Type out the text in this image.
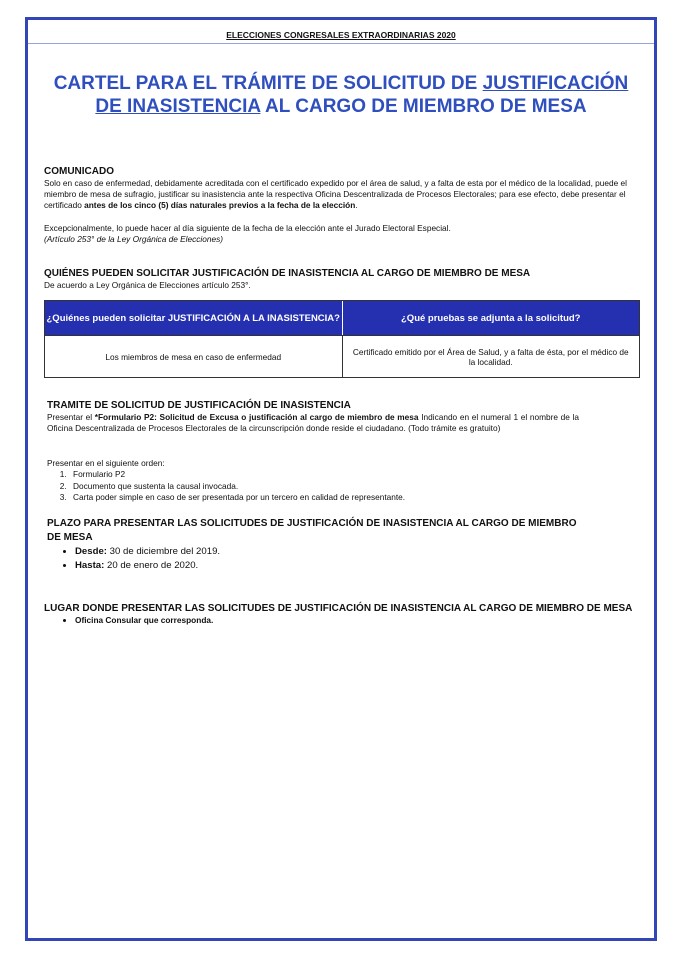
ELECCIONES CONGRESALES EXTRAORDINARIAS 2020
CARTEL PARA EL TRÁMITE DE SOLICITUD DE JUSTIFICACIÓN DE INASISTENCIA AL CARGO DE MIEMBRO DE MESA
COMUNICADO
Solo en caso de enfermedad, debidamente acreditada con el certificado expedido por el área de salud, y a falta de esta por el médico de la localidad, puede el miembro de mesa de sufragio, justificar su inasistencia ante la respectiva Oficina Descentralizada de Procesos Electorales; para ese efecto, debe presentar el certificado antes de los cinco (5) días naturales previos a la fecha de la elección.
Excepcionalmente, lo puede hacer al día siguiente de la fecha de la elección ante el Jurado Electoral Especial.
(Artículo 253° de la Ley Orgánica de Elecciones)
QUIÉNES PUEDEN SOLICITAR JUSTIFICACIÓN DE INASISTENCIA AL CARGO DE MIEMBRO DE MESA
De acuerdo a Ley Orgánica de Elecciones artículo 253°.
¿Quiénes pueden solicitar JUSTIFICACIÓN A LA INASISTENCIA?	¿Qué pruebas se adjunta a la solicitud?
Los miembros de mesa en caso de enfermedad	Certificado emitido por el Área de Salud, y a falta de ésta, por el médico de la localidad.
TRAMITE DE SOLICITUD DE JUSTIFICACIÓN DE INASISTENCIA
Presentar el *Formulario P2: Solicitud de Excusa o justificación al cargo de miembro de mesa Indicando en el numeral 1 el nombre de la Oficina Descentralizada de Procesos Electorales de la circunscripción donde reside el ciudadano. (Todo trámite es gratuito)
Presentar en el siguiente orden:
1. Formulario P2
2. Documento que sustenta la causal invocada.
3. Carta poder simple en caso de ser presentada por un tercero en calidad de representante.
PLAZO PARA PRESENTAR LAS SOLICITUDES DE JUSTIFICACIÓN DE INASISTENCIA AL CARGO DE MIEMBRO DE MESA
• Desde: 30 de diciembre del 2019.
• Hasta: 20 de enero de 2020.
LUGAR DONDE PRESENTAR LAS SOLICITUDES DE JUSTIFICACIÓN DE INASISTENCIA AL CARGO DE MIEMBRO DE MESA
• Oficina Consular que corresponda.
